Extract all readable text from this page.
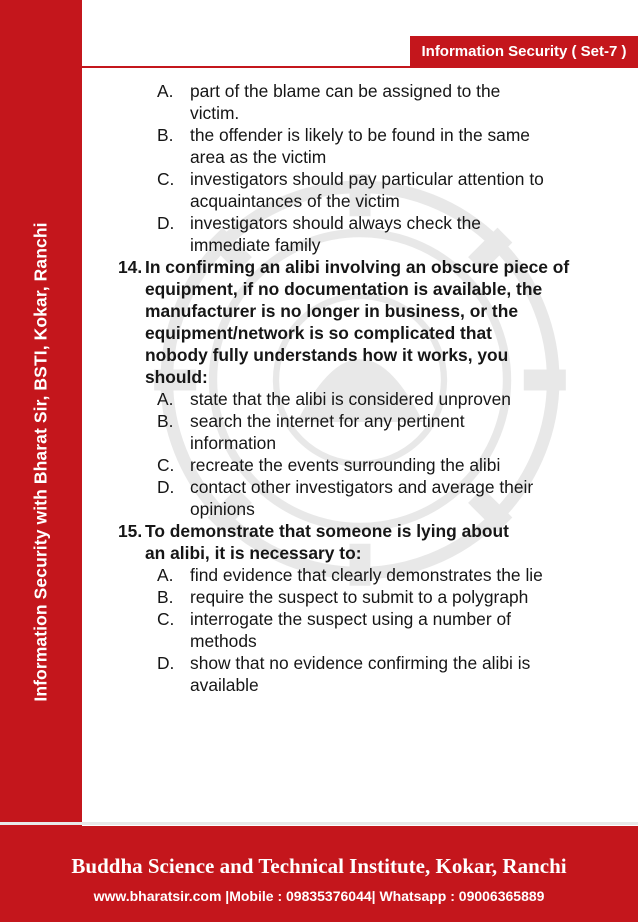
Information Security with Bharat Sir, BSTI, Kokar, Ranchi
Information Security ( Set-7 )
A. part of the blame can be assigned to the
victim.
B. the offender is likely to be found in the same
area as the victim
C. investigators should pay particular attention to
acquaintances of the victim
D. investigators should always check the
immediate family
14. In confirming an alibi involving an obscure piece of
equipment, if no documentation is available, the
manufacturer is no longer in business, or the
equipment/network is so complicated that
nobody fully understands how it works, you
should:
A. state that the alibi is considered unproven
B. search the internet for any pertinent
information
C. recreate the events surrounding the alibi
D. contact other investigators and average their
opinions
15. To demonstrate that someone is lying about
an alibi, it is necessary to:
A. find evidence that clearly demonstrates the lie
B. require the suspect to submit to a polygraph
C. interrogate the suspect using a number of
methods
D. show that no evidence confirming the alibi is
available
Buddha Science and Technical Institute, Kokar, Ranchi
www.bharatsir.com |Mobile : 09835376044| Whatsapp : 09006365889
